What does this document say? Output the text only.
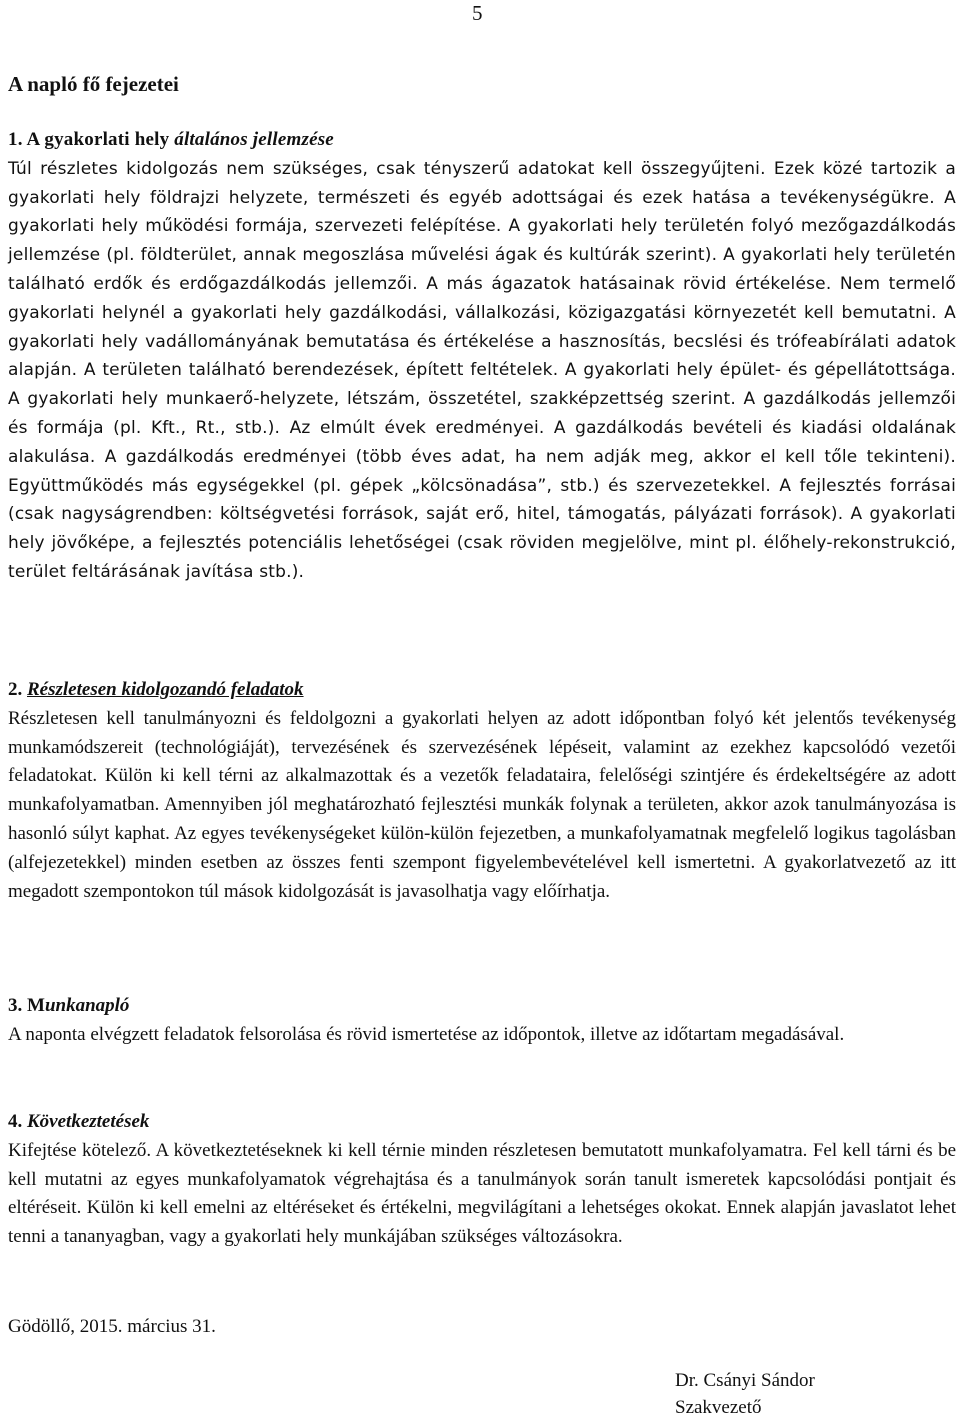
5
A napló fő fejezetei
1. A gyakorlati hely általános jellemzése

Túl részletes kidolgozás nem szükséges, csak tényszerű adatokat kell összegyűjteni. Ezek közé tartozik a gyakorlati hely földrajzi helyzete, természeti és egyéb adottságai és ezek hatása a tevékenységükre. A gyakorlati hely működési formája, szervezeti felépítése. A gyakorlati hely területén folyó mezőgazdálkodás jellemzése (pl. földterület, annak megoszlása művelési ágak és kultúrák szerint). A gyakorlati hely területén található erdők és erdőgazdálkodás jellemzői. A más ágazatok hatásainak rövid értékelése. Nem termelő gyakorlati helynél a gyakorlati hely gazdálkodási, vállalkozási, közigazgatási környezetét kell bemutatni. A gyakorlati hely vadállományának bemutatása és értékelése a hasznosítás, becslési és trófeabírálati adatok alapján. A területen található berendezések, épített feltételek. A gyakorlati hely épület- és gépellátottsága. A gyakorlati hely munkaerő-helyzete, létszám, összetétel, szakképzettség szerint. A gazdálkodás jellemzői és formája (pl. Kft., Rt., stb.). Az elmúlt évek eredményei. A gazdálkodás bevételi és kiadási oldalának alakulása. A gazdálkodás eredményei (több éves adat, ha nem adják meg, akkor el kell tőle tekinteni). Együttműködés más egységekkel (pl. gépek „kölcsönadása”, stb.) és szervezetekkel. A fejlesztés forrásai (csak nagyságrendben: költségvetési források, saját erő, hitel, támogatás, pályázati források). A gyakorlati hely jövőképe, a fejlesztés potenciális lehetőségei (csak röviden megjelölve, mint pl. élőhely-rekonstrukció, terület feltárásának javítása stb.).

2. Részletesen kidolgozandó feladatok

Részletesen kell tanulmányozni és feldolgozni a gyakorlati helyen az adott időpontban folyó két jelentős tevékenység munkamódszereit (technológiáját), tervezésének és szervezésének lépéseit, valamint az ezekhez kapcsolódó vezetői feladatokat. Külön ki kell térni az alkalmazottak és a vezetők feladataira, felelőségi szintjére és érdekeltségére az adott munkafolyamatban. Amennyiben jól meghatározható fejlesztési munkák folynak a területen, akkor azok tanulmányozása is hasonló súlyt kaphat. Az egyes tevékenységeket külön-külön fejezetben, a munkafolyamatnak megfelelő logikus tagolásban (alfejezetekkel) minden esetben az összes fenti szempont figyelembevételével kell ismertetni. A gyakorlatvezető az itt megadott szempontokon túl mások kidolgozását is javasolhatja vagy előírhatja.

3. Munkanapló

A naponta elvégzett feladatok felsorolása és rövid ismertetése az időpontok, illetve az időtartam megadásával.

4. Következtetések

Kifejtése kötelező. A következtetéseknek ki kell térnie minden részletesen bemutatott munkafolyamatra. Fel kell tárni és be kell mutatni az egyes munkafolyamatok végrehajtása és a tanulmányok során tanult ismeretek kapcsolódási pontjait és eltéréseit. Külön ki kell emelni az eltéréseket és értékelni, megvilágítani a lehetséges okokat. Ennek alapján javaslatot lehet tenni a tananyagban, vagy a gyakorlati hely munkájában szükséges változásokra.

Gödöllő, 2015. március 31.
Dr. Csányi Sándor
Szakvezető
